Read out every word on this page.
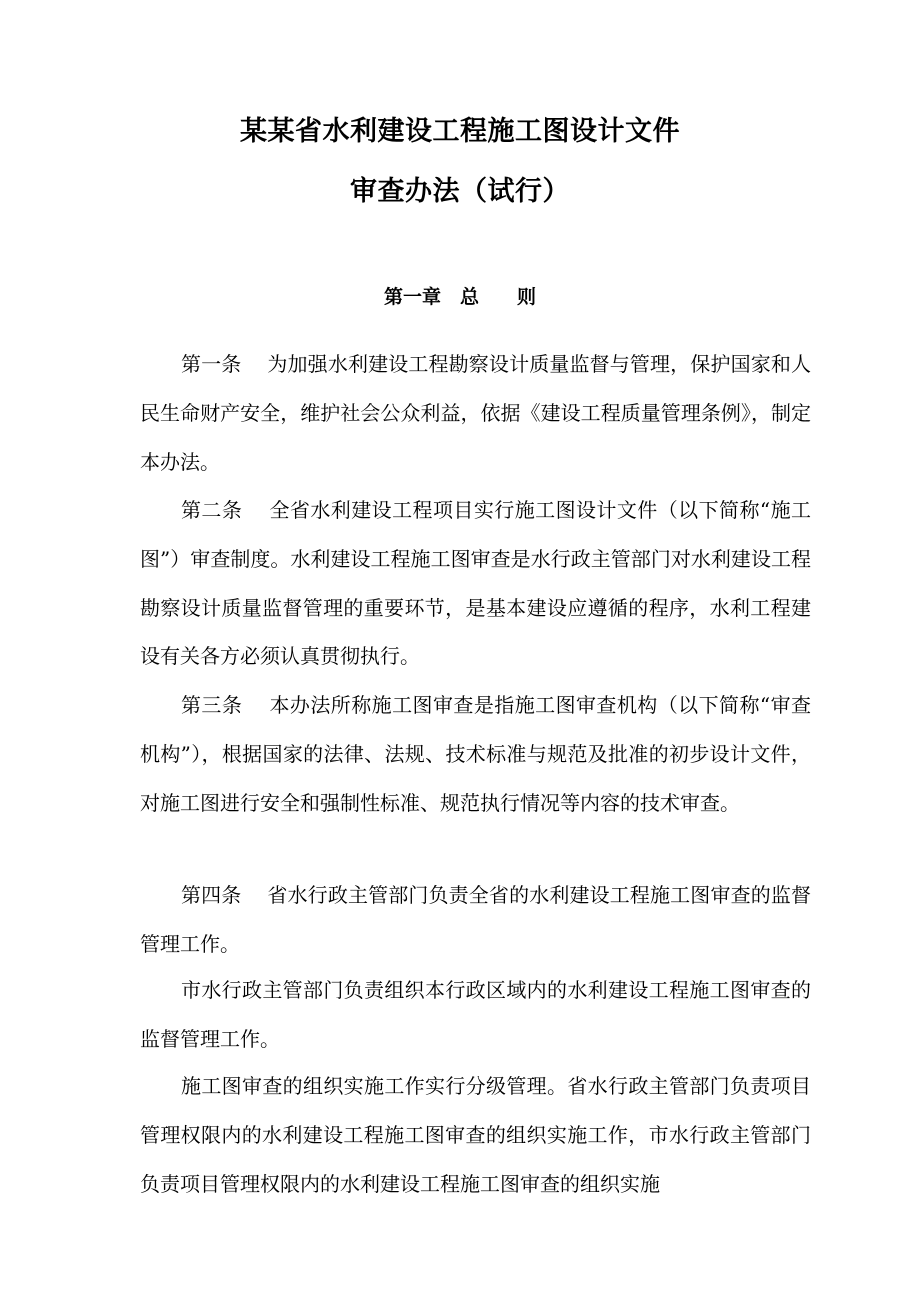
某某省水利建设工程施工图设计文件
审查办法（试行）
第一章　总　　则

第一条 为加强水利建设工程勘察设计质量监督与管理，保护国家和人民生命财产安全，维护社会公众利益，依据《建设工程质量管理条例》，制定本办法。

第二条 全省水利建设工程项目实行施工图设计文件（以下简称“施工图”）审查制度。水利建设工程施工图审查是水行政主管部门对水利建设工程勘察设计质量监督管理的重要环节，是基本建设应遵循的程序，水利工程建设有关各方必须认真贯彻执行。

第三条 本办法所称施工图审查是指施工图审查机构（以下简称“审查机构”），根据国家的法律、法规、技术标准与规范及批准的初步设计文件，对施工图进行安全和强制性标准、规范执行情况等内容的技术审查。

第四条 省水行政主管部门负责全省的水利建设工程施工图审查的监督管理工作。

市水行政主管部门负责组织本行政区域内的水利建设工程施工图审查的监督管理工作。

施工图审查的组织实施工作实行分级管理。省水行政主管部门负责项目管理权限内的水利建设工程施工图审查的组织实施工作，市水行政主管部门负责项目管理权限内的水利建设工程施工图审查的组织实施
